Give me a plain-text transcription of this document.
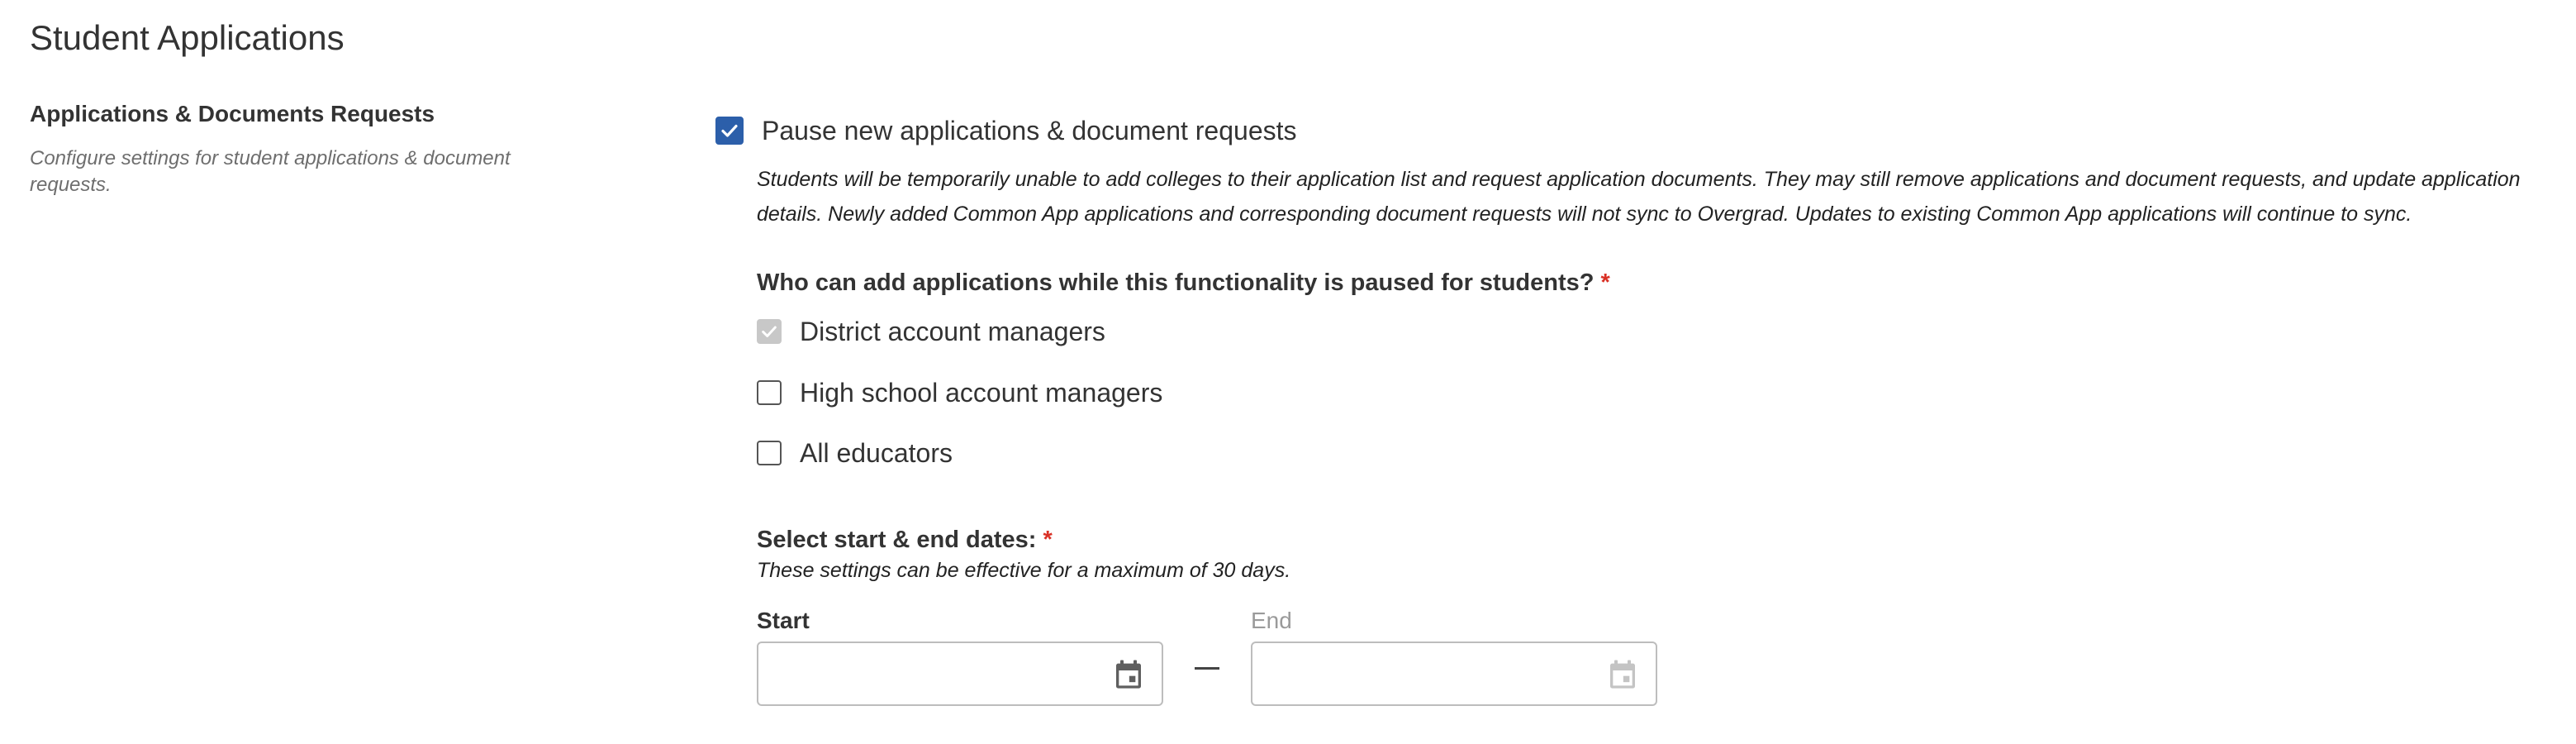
Student Applications
Applications & Documents Requests
Configure settings for student applications & document requests.
Pause new applications & document requests
Students will be temporarily unable to add colleges to their application list and request application documents. They may still remove applications and document requests, and update application details. Newly added Common App applications and corresponding document requests will not sync to Overgrad. Updates to existing Common App applications will continue to sync.
Who can add applications while this functionality is paused for students? *
District account managers
High school account managers
All educators
Select start & end dates: *
These settings can be effective for a maximum of 30 days.
Start	End
